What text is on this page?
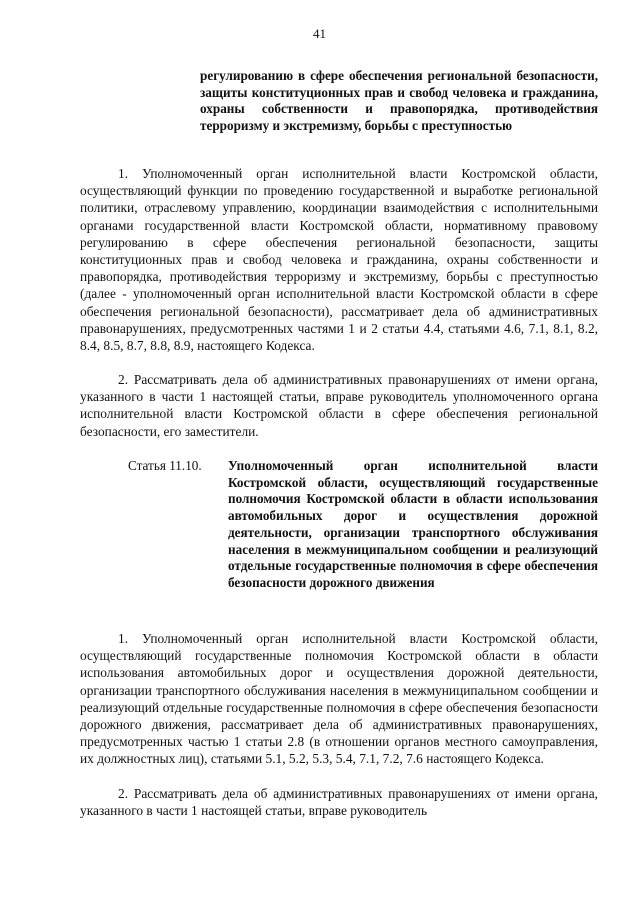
41
регулированию в сфере обеспечения региональной безопасности, защиты конституционных прав и свобод человека и гражданина, охраны собственности и правопорядка, противодействия терроризму и экстремизму, борьбы с преступностью

1. Уполномоченный орган исполнительной власти Костромской области, осуществляющий функции по проведению государственной и выработке региональной политики, отраслевому управлению, координации взаимодействия с исполнительными органами государственной власти Костромской области, нормативному правовому регулированию в сфере обеспечения региональной безопасности, защиты конституционных прав и свобод человека и гражданина, охраны собственности и правопорядка, противодействия терроризму и экстремизму, борьбы с преступностью (далее - уполномоченный орган исполнительной власти Костромской области в сфере обеспечения региональной безопасности), рассматривает дела об административных правонарушениях, предусмотренных частями 1 и 2 статьи 4.4, статьями 4.6, 7.1, 8.1, 8.2, 8.4, 8.5, 8.7, 8.8, 8.9, настоящего Кодекса.

2. Рассматривать дела об административных правонарушениях от имени органа, указанного в части 1 настоящей статьи, вправе руководитель уполномоченного органа исполнительной власти Костромской области в сфере обеспечения региональной безопасности, его заместители.

Статья 11.10.	Уполномоченный орган исполнительной власти Костромской области, осуществляющий государственные полномочия Костромской области в области использования автомобильных дорог и осуществления дорожной деятельности, организации транспортного обслуживания населения в межмуниципальном сообщении и реализующий отдельные государственные полномочия в сфере обеспечения безопасности дорожного движения

1. Уполномоченный орган исполнительной власти Костромской области, осуществляющий государственные полномочия Костромской области в области использования автомобильных дорог и осуществления дорожной деятельности, организации транспортного обслуживания населения в межмуниципальном сообщении и реализующий отдельные государственные полномочия в сфере обеспечения безопасности дорожного движения, рассматривает дела об административных правонарушениях, предусмотренных частью 1 статьи 2.8 (в отношении органов местного самоуправления, их должностных лиц), статьями 5.1, 5.2, 5.3, 5.4, 7.1, 7.2, 7.6 настоящего Кодекса.

2. Рассматривать дела об административных правонарушениях от имени органа, указанного в части 1 настоящей статьи, вправе руководитель
